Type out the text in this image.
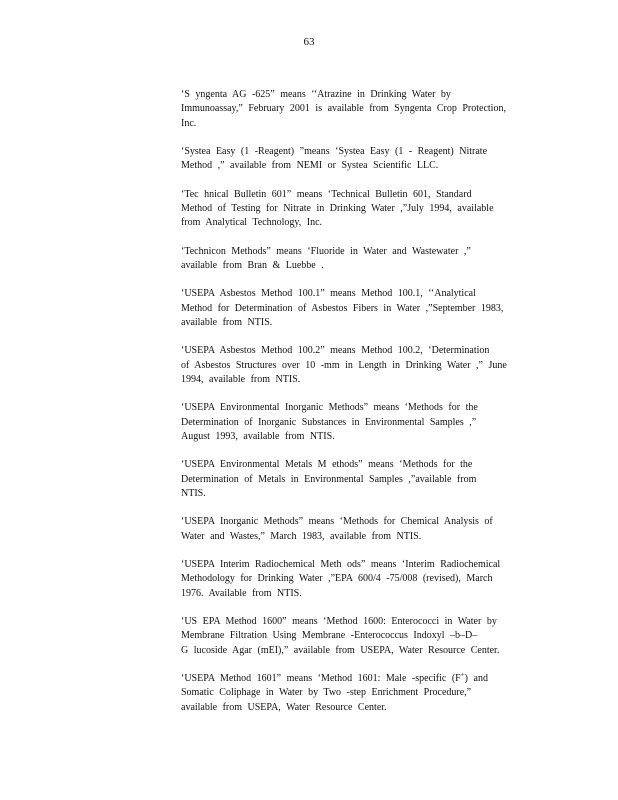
63
‘S yngenta AG -625” means ‘‘Atrazine in Drinking Water by
Immunoassay,” February 2001 is available from Syngenta Crop Protection,
Inc.
‘Systea Easy (1 -Reagent) ”means ‘Systea Easy (1 - Reagent) Nitrate
Method ,” available from NEMI or Systea Scientific LLC.
‘Tec hnical Bulletin 601” means ‘Technical Bulletin 601, Standard
Method of Testing for Nitrate in Drinking Water ,”July 1994, available
from Analytical Technology, Inc.
‘Technicon Methods” means ‘Fluoride in Water and Wastewater ,”
available from Bran & Luebbe .
‘USEPA Asbestos Method 100.1” means Method 100.1, ‘‘Analytical
Method for Determination of Asbestos Fibers in Water ,”September 1983,
available from NTIS.
‘USEPA Asbestos Method 100.2” means Method 100.2, ‘Determination
of Asbestos Structures over 10 -mm in Length in Drinking Water ,” June
1994, available from NTIS.
‘USEPA Environmental Inorganic Methods” means ‘Methods for the
Determination of Inorganic Substances in Environmental Samples ,”
August 1993, available from NTIS.
‘USEPA Environmental Metals M ethods” means ‘Methods for the
Determination of Metals in Environmental Samples ,”available from
NTIS.
‘USEPA Inorganic Methods” means ‘Methods for Chemical Analysis of
Water and Wastes,” March 1983, available from NTIS.
‘USEPA Interim Radiochemical Meth ods” means ‘Interim Radiochemical
Methodology for Drinking Water ,”EPA 600/4 -75/008 (revised), March
1976. Available from NTIS.
‘US EPA Method 1600” means ‘Method 1600: Enterococci in Water by
Membrane Filtration Using Membrane -Enterococcus Indoxyl –b–D–
G lucoside Agar (mEI),” available from USEPA, Water Resource Center.
‘USEPA Method 1601” means ‘Method 1601: Male -specific (F+) and
Somatic Coliphage in Water by Two -step Enrichment Procedure,”
available from USEPA, Water Resource Center.
